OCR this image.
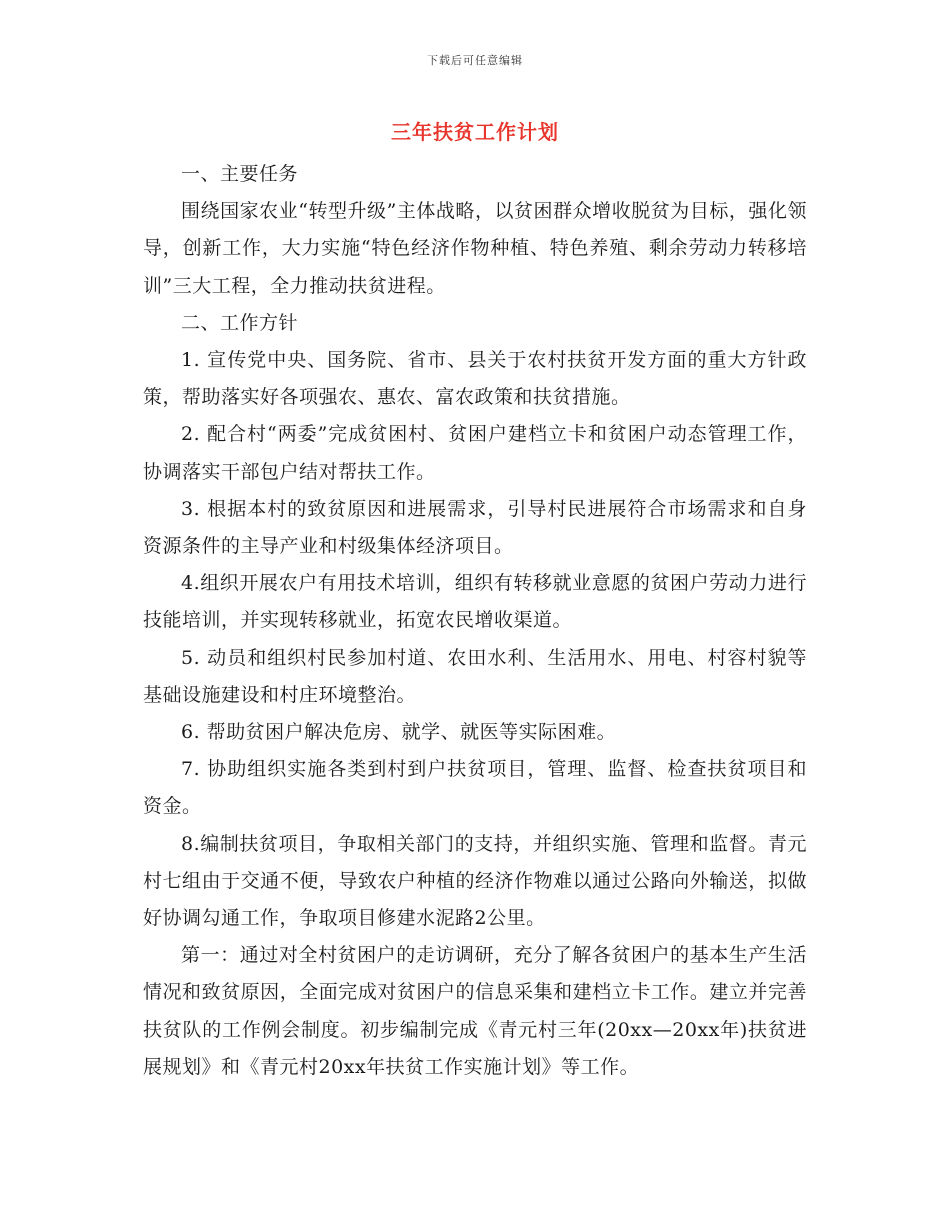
下载后可任意编辑
三年扶贫工作计划

一、主要任务

围绕国家农业“转型升级”主体战略，以贫困群众增收脱贫为目标，强化领导，创新工作，大力实施“特色经济作物种植、特色养殖、剩余劳动力转移培训”三大工程，全力推动扶贫进程。

二、工作方针

1. 宣传党中央、国务院、省市、县关于农村扶贫开发方面的重大方针政策，帮助落实好各项强农、惠农、富农政策和扶贫措施。

2. 配合村“两委”完成贫困村、贫困户建档立卡和贫困户动态管理工作，协调落实干部包户结对帮扶工作。

3. 根据本村的致贫原因和进展需求，引导村民进展符合市场需求和自身资源条件的主导产业和村级集体经济项目。

4.组织开展农户有用技术培训，组织有转移就业意愿的贫困户劳动力进行技能培训，并实现转移就业，拓宽农民增收渠道。

5. 动员和组织村民参加村道、农田水利、生活用水、用电、村容村貌等基础设施建设和村庄环境整治。

6. 帮助贫困户解决危房、就学、就医等实际困难。

7. 协助组织实施各类到村到户扶贫项目，管理、监督、检查扶贫项目和资金。

8.编制扶贫项目，争取相关部门的支持，并组织实施、管理和监督。青元村七组由于交通不便，导致农户种植的经济作物难以通过公路向外输送，拟做好协调勾通工作，争取项目修建水泥路2公里。

第一：通过对全村贫困户的走访调研，充分了解各贫困户的基本生产生活情况和致贫原因，全面完成对贫困户的信息采集和建档立卡工作。建立并完善扶贫队的工作例会制度。初步编制完成《青元村三年(20xx—20xx年)扶贫进展规划》和《青元村20xx年扶贫工作实施计划》等工作。
